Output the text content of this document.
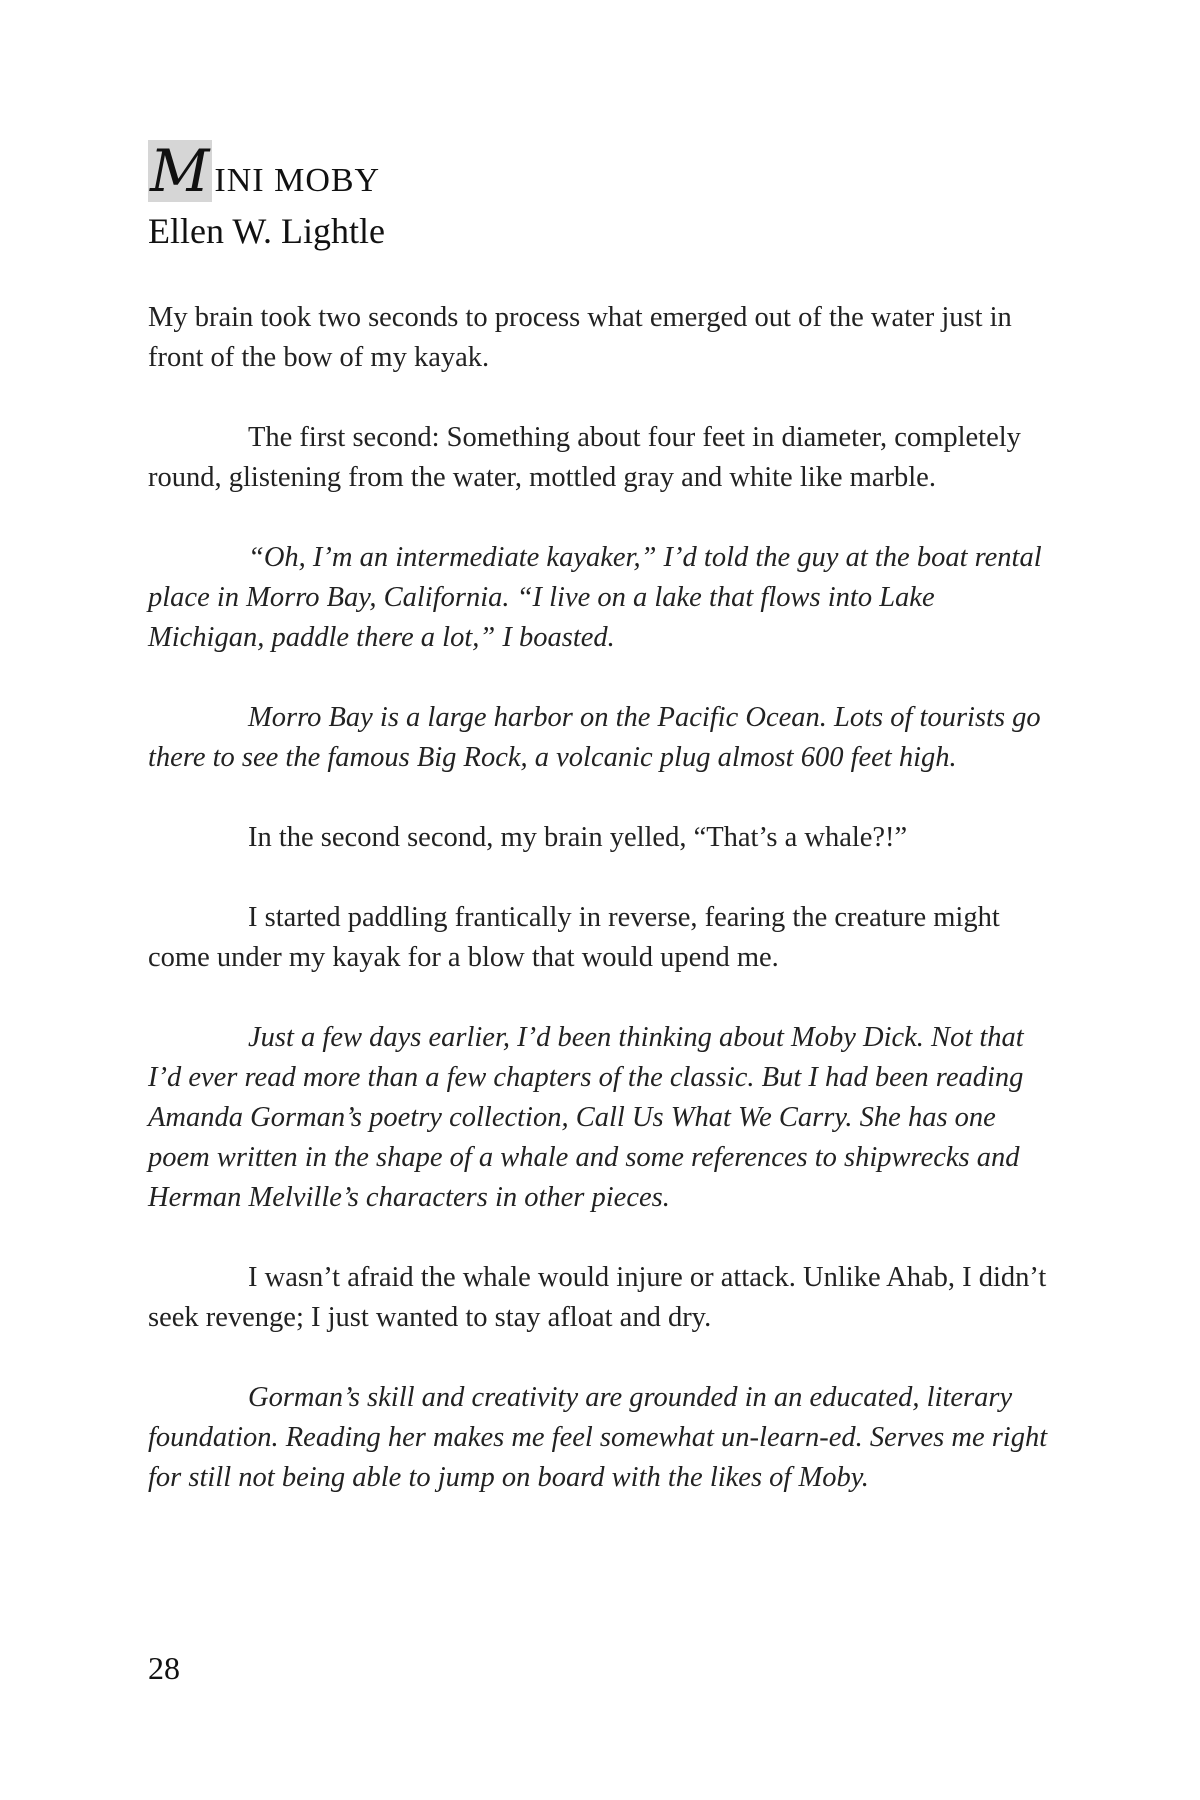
M INI MOBY
Ellen W. Lightle

My brain took two seconds to process what emerged out of the water just in front of the bow of my kayak.

The first second: Something about four feet in diameter, completely round, glistening from the water, mottled gray and white like marble.

“Oh, I’m an intermediate kayaker,” I’d told the guy at the boat rental place in Morro Bay, California. “I live on a lake that flows into Lake Michigan, paddle there a lot,” I boasted.

Morro Bay is a large harbor on the Pacific Ocean. Lots of tourists go there to see the famous Big Rock, a volcanic plug almost 600 feet high.

In the second second, my brain yelled, “That’s a whale?!”

I started paddling frantically in reverse, fearing the creature might come under my kayak for a blow that would upend me.

Just a few days earlier, I’d been thinking about Moby Dick. Not that I’d ever read more than a few chapters of the classic. But I had been reading Amanda Gorman’s poetry collection, Call Us What We Carry. She has one poem written in the shape of a whale and some references to shipwrecks and Herman Melville’s characters in other pieces.

I wasn’t afraid the whale would injure or attack. Unlike Ahab, I didn’t seek revenge; I just wanted to stay afloat and dry.

Gorman’s skill and creativity are grounded in an educated, literary foundation. Reading her makes me feel somewhat un-learn-ed. Serves me right for still not being able to jump on board with the likes of Moby.

28
